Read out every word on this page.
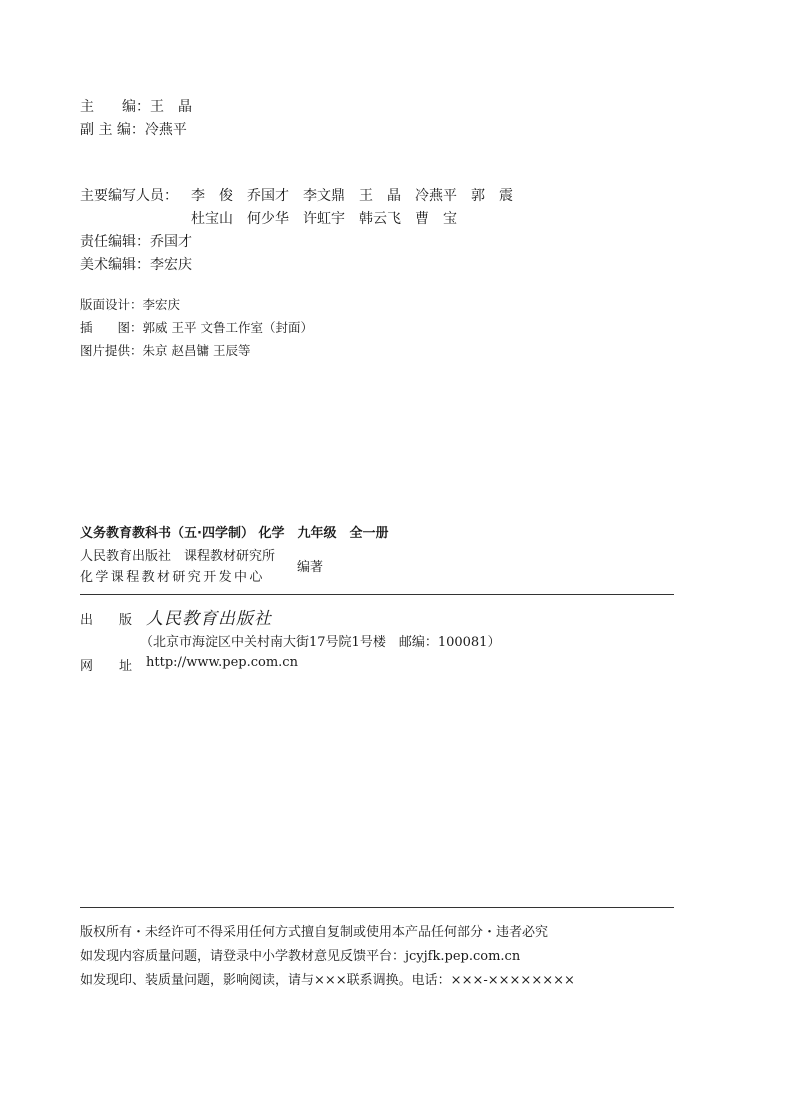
主　　编：王　晶
副 主 编：冷燕平
主要编写人员： 李　俊　乔国才　李文鼎　王　晶　冷燕平　郭　震
杜宝山　何少华　许虹宇　韩云飞　曹　宝
责任编辑：乔国才
美术编辑：李宏庆
版面设计：李宏庆
插　　图：郭威 王平 文鲁工作室（封面）
图片提供：朱京 赵昌镛 王辰等
义务教育教科书（五·四学制） 化学　九年级　全一册
人民教育出版社　课程教材研究所
化学课程教材研究开发中心
编著
出　　版 人民教育出版社
（北京市海淀区中关村南大街17号院1号楼　邮编：100081）
网　　址 http://www.pep.com.cn
版权所有・未经许可不得采用任何方式擅自复制或使用本产品任何部分・违者必究
如发现内容质量问题，请登录中小学教材意见反馈平台：jcyjfk.pep.com.cn
如发现印、装质量问题，影响阅读，请与×××联系调换。电话：×××-××××××××
